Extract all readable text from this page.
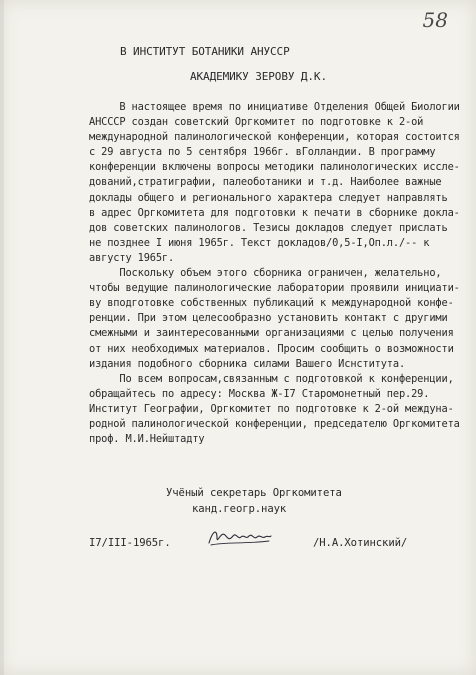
58
В ИНСТИТУТ БОТАНИКИ АНУССР
АКАДЕМИКУ ЗЕРОВУ Д.К.
В настоящее время по инициативе Отделения Общей Биологии
АНСССР создан советский Оргкомитет по подготовке к 2-ой
международной палинологической конференции, которая состоится
с 29 августа по 5 сентября 1966г. вГолландии. В программу
конференции включены вопросы методики палинологических иссле-
дований,стратиграфии, палеоботаники и т.д. Наиболее важные
доклады общего и регионального характера следует направлять
в адрес Оргкомитета для подготовки к печати в сборнике докла-
дов советских палинологов. Тезисы докладов следует прислать
не позднее I июня 1965г. Текст докладов/0,5-I,Оп.л./-- к
августу 1965г.
Поскольку объем этого сборника ограничен, желательно,
чтобы ведущие палинологические лаборатории проявили инициати-
ву вподготовке собственных публикаций к международной конфе-
ренции. При этом целесообразно установить контакт с другими
смежными и заинтересованными организациями с целью получения
от них необходимых материалов. Просим сообщить о возможности
издания подобного сборника силами Вашего Иснститута.
По всем вопросам,связанным с подготовкой к конференции,
обращайтесь по адресу: Москва Ж-I7 Старомонетный пер.29.
Институт Географии, Оргкомитет по подготовке к 2-ой междуна-
родной палинологической конференции, председателю Оргкомитета
проф. М.И.Нейштадту
Учёный секретарь Оргкомитета
канд.геогр.наук
I7/III-1965г.	/Н.А.Хотинский/
